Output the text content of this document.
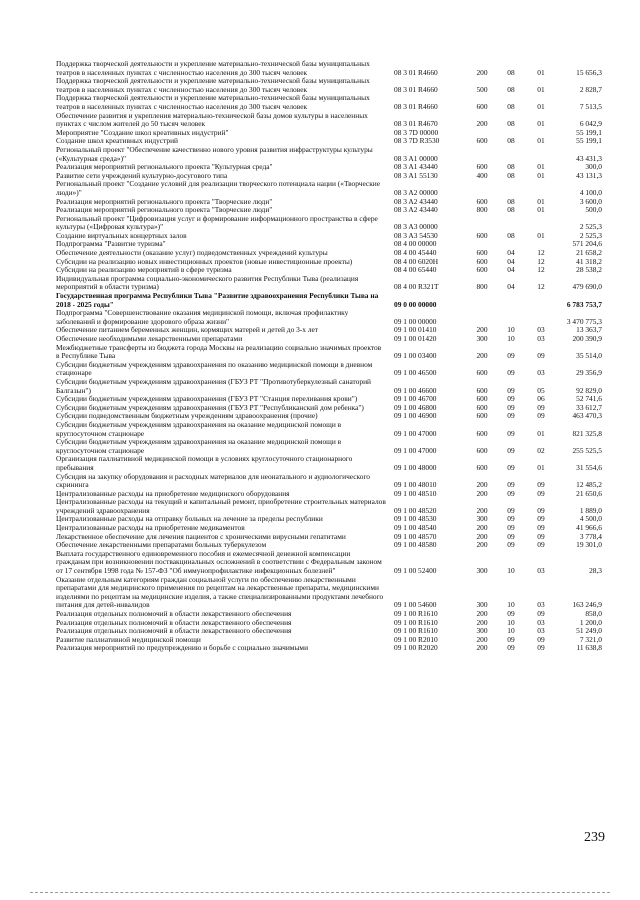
Поддержка творческой деятельности и укрепление материально-технической базы муниципальных театров в населенных пунктах с численностью населения до 300 тысяч человек	08 3 01 R4660	200	08	01	15 656,3
Поддержка творческой деятельности и укрепление материально-технической базы муниципальных театров в населенных пунктах с численностью населения до 300 тысяч человек	08 3 01 R4660	500	08	01	2 828,7
Поддержка творческой деятельности и укрепление материально-технической базы муниципальных театров в населенных пунктах с численностью населения до 300 тысяч человек	08 3 01 R4660	600	08	01	7 513,5
Обеспечение развития и укрепления материально-технической базы домов культуры в населенных пунктах с числом жителей до 50 тысяч человек	08 3 01 R4670	200	08	01	6 042,9
Мероприятие "Создание школ креативных индустрий"	08 3 7D 00000	55 199,1
Создание школ креативных индустрий	08 3 7D R3530	600	08	01	55 199,1
Региональный проект "Обеспечение качественно нового уровня развития инфраструктуры культуры («Культурная среда»)"	08 3 A1 00000	43 431,3
Реализация мероприятий регионального проекта "Культурная среда"	08 3 A1 43440	600	08	01	300,0
Развитие сети учреждений культурно-досугового типа	08 3 A1 55130	400	08	01	43 131,3
Региональный проект "Создание условий для реализации творческого потенциала нации («Творческие люди»)"	08 3 A2 00000	4 100,0
Реализация мероприятий регионального проекта "Творческие люди"	08 3 A2 43440	600	08	01	3 600,0
Реализация мероприятий регионального проекта "Творческие люди"	08 3 A2 43440	800	08	01	500,0
Региональный проект "Цифровизация услуг и формирование информационного пространства в сфере культуры («Цифровая культура»)"	08 3 A3 00000	2 525,3
Создание виртуальных концертных залов	08 3 A3 54530	600	08	01	2 525,3
Подпрограмма "Развитие туризма"	08 4 00 00000	571 204,6
Обеспечение деятельности (оказание услуг) подведомственных учреждений культуры	08 4 00 45440	600	04	12	21 658,2
Субсидии на реализацию новых инвестиционных проектов (новые инвестиционные проекты)	08 4 00 6020Н	600	04	12	41 318,2
Субсидии на реализацию мероприятий в сфере туризма	08 4 00 65440	600	04	12	28 538,2
Индивидуальная программа социально-экономического развития Республики Тыва (реализация мероприятий в области туризма)	08 4 00 R321Т	800	04	12	479 690,0
Государственная программа Республики Тыва "Развитие здравоохранения Республики Тыва на 2018 - 2025 годы"	09 0 00 00000	6 783 753,7
Подпрограмма "Совершенствование оказания медицинской помощи, включая профилактику заболеваний и формирование здорового образа жизни"	09 1 00 00000	3 470 775,3
Обеспечение питанием беременных женщин, кормящих матерей и детей до 3-х лет	09 1 00 01410	200	10	03	13 363,7
Обеспечение необходимыми лекарственными препаратами	09 1 00 01420	300	10	03	200 390,9
Межбюджетные трансферты из бюджета города Москвы на реализацию социально значимых проектов в Республике Тыва	09 1 00 03400	200	09	09	35 514,0
Субсидии бюджетным учреждениям здравоохранения по оказанию медицинской помощи в дневном стационаре	09 1 00 46500	600	09	03	29 356,9
Субсидии бюджетным учреждениям здравоохранения (ГБУЗ РТ "Противотуберкулезный санаторий Балгазын")	09 1 00 46600	600	09	05	92 829,0
Субсидии бюджетным учреждениям здравоохранения (ГБУЗ РТ "Станция переливания крови")	09 1 00 46700	600	09	06	52 741,6
Субсидии бюджетным учреждениям здравоохранения (ГБУЗ РТ "Республиканский дом ребенка")	09 1 00 46800	600	09	09	33 612,7
Субсидии подведомственным бюджетным учреждениям здравоохранения (прочие)	09 1 00 46900	600	09	09	463 470,3
Субсидии бюджетным учреждениям здравоохранения на оказание медицинской помощи в круглосуточном стационаре	09 1 00 47000	600	09	01	821 325,8
Субсидии бюджетным учреждениям здравоохранения на оказание медицинской помощи в круглосуточном стационаре	09 1 00 47000	600	09	02	255 525,5
Организация паллиативной медицинской помощи в условиях круглосуточного стационарного пребывания	09 1 00 48000	600	09	01	31 554,6
Субсидия на закупку оборудования и расходных материалов для неонатального и аудиологического скрининга	09 1 00 48010	200	09	09	12 485,2
Централизованные расходы на приобретение медицинского оборудования	09 1 00 48510	200	09	09	21 650,6
Централизованные расходы на текущий и капитальный ремонт, приобретение строительных материалов учреждений здравоохранения	09 1 00 48520	200	09	09	1 889,0
Централизованные расходы на отправку больных на лечение за пределы республики	09 1 00 48530	300	09	09	4 500,0
Централизованные расходы на приобретение медикаментов	09 1 00 48540	200	09	09	41 966,6
Лекарственное обеспечение для лечения пациентов с хроническими вирусными гепатитами	09 1 00 48570	200	09	09	3 778,4
Обеспечение лекарственными препаратами больных туберкулезом	09 1 00 48580	200	09	09	19 301,0
Выплата государственного единовременного пособия и ежемесячной денежной компенсации гражданам при возникновении поствакцинальных осложнений в соответствии с Федеральным законом от 17 сентября 1998 года № 157-ФЗ "Об иммунопрофилактике инфекционных болезней"	09 1 00 52400	300	10	03	28,3
Оказание отдельным категориям граждан социальной услуги по обеспечению лекарственными препаратами для медицинского применения по рецептам на лекарственные препараты, медицинскими изделиями по рецептам на медицинские изделия, а также специализированными продуктами лечебного питания для детей-инвалидов	09 1 00 54600	300	10	03	163 246,9
Реализация отдельных полномочий в области лекарственного обеспечения	09 1 00 R1610	200	09	09	858,0
Реализация отдельных полномочий в области лекарственного обеспечения	09 1 00 R1610	200	10	03	1 200,0
Реализация отдельных полномочий в области лекарственного обеспечения	09 1 00 R1610	300	10	03	51 249,0
Развитие паллиативной медицинской помощи	09 1 00 R2010	200	09	09	7 321,0
Реализация мероприятий по предупреждению и борьбе с социально значимыми	09 1 00 R2020	200	09	09	11 638,8
239
